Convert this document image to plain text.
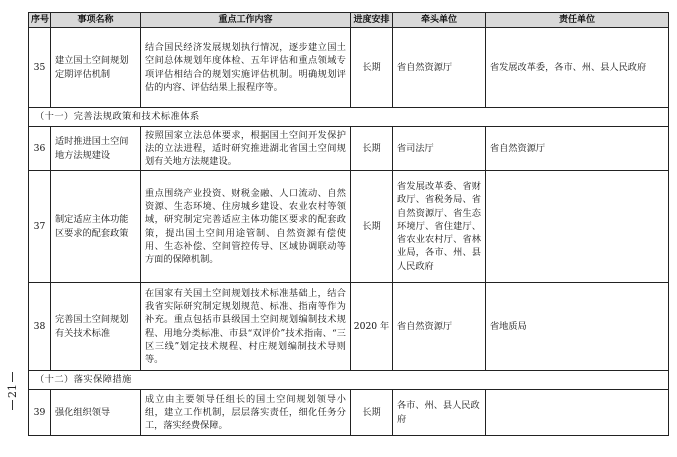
21
序号	事项名称	重点工作内容	进度安排	牵头单位	责任单位
35	建立国土空间规划定期评估机制	结合国民经济发展规划执行情况，逐步建立国土空间总体规划年度体检、五年评估和重点领域专项评估相结合的规划实施评估机制。明确规划评估的内容、评估结果上报程序等。	长期	省自然资源厅	省发展改革委，各市、州、县人民政府
（十一）完善法规政策和技术标准体系					
36	适时推进国土空间地方法规建设	按照国家立法总体要求，根据国土空间开发保护法的立法进程，适时研究推进湖北省国土空间规划有关地方法规建设。	长期	省司法厅	省自然资源厅
37	制定适应主体功能区要求的配套政策	重点围绕产业投资、财税金融、人口流动、自然资源、生态环境、住房城乡建设、农业农村等领域，研究制定完善适应主体功能区要求的配套政策，提出国土空间用途管制、自然资源有偿使用、生态补偿、空间管控传导、区域协调联动等方面的保障机制。	长期	省发展改革委、省财政厅、省税务局、省自然资源厅、省生态环境厅、省住建厅、省农业农村厅、省林业局，各市、州、县人民政府	
38	完善国土空间规划有关技术标准	在国家有关国土空间规划技术标准基础上，结合我省实际研究制定规划规范、标准、指南等作为补充。重点包括市县级国土空间规划编制技术规程、用地分类标准、市县“双评价”技术指南、“三区三线”划定技术规程、村庄规划编制技术导则等。	2020 年	省自然资源厅	省地质局
（十二）落实保障措施					
39	强化组织领导	成立由主要领导任组长的国土空间规划领导小组，建立工作机制，层层落实责任，细化任务分工，落实经费保障。	长期	各市、州、县人民政府	
